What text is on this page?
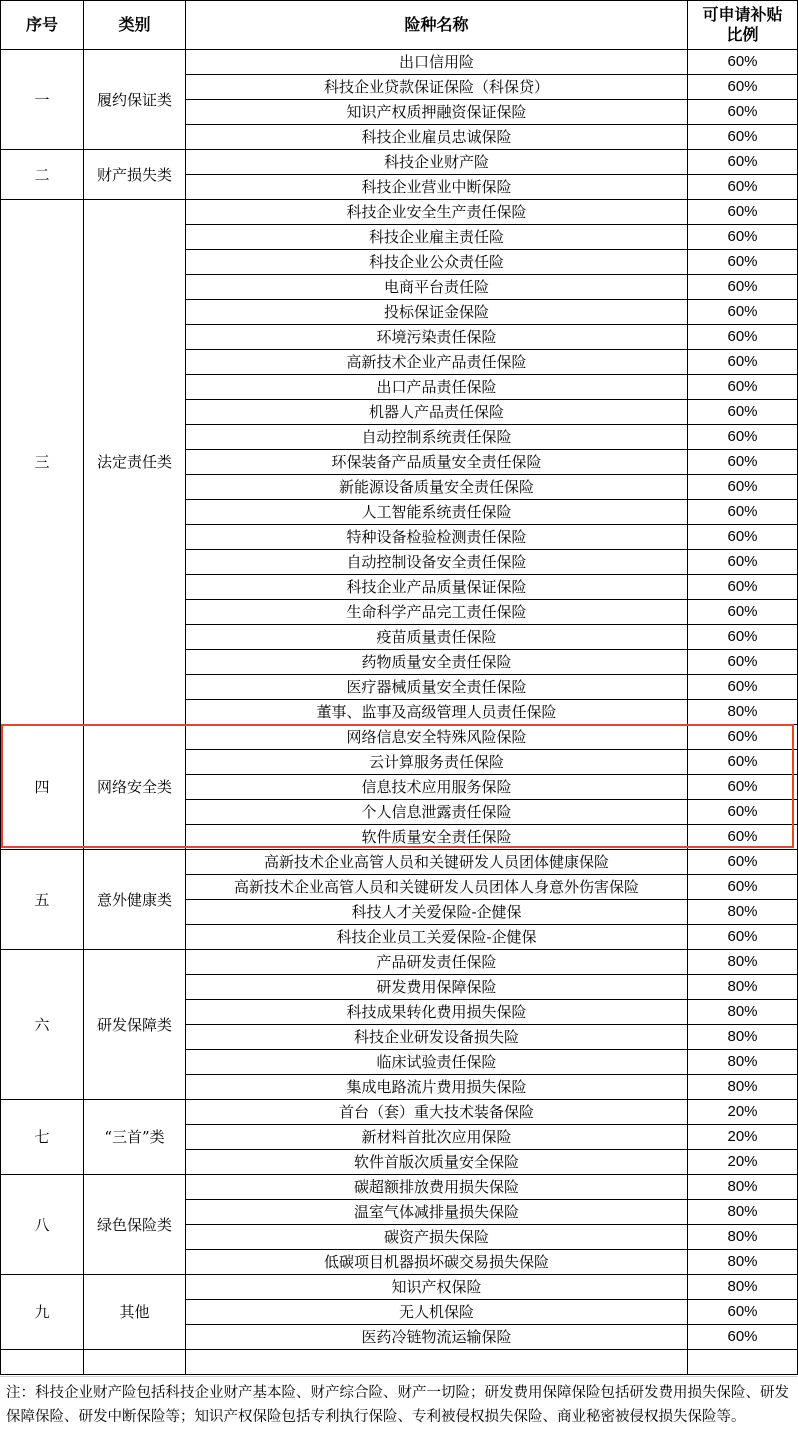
序号	类别	险种名称	可申请补贴
比例
一	履约保证类	出口信用险	60%
		科技企业贷款保证保险（科保贷）	60%
		知识产权质押融资保证保险	60%
		科技企业雇员忠诚保险	60%
二	财产损失类	科技企业财产险	60%
		科技企业营业中断保险	60%
三	法定责任类	科技企业安全生产责任保险	60%
		科技企业雇主责任险	60%
		科技企业公众责任险	60%
		电商平台责任险	60%
		投标保证金保险	60%
		环境污染责任保险	60%
		高新技术企业产品责任保险	60%
		出口产品责任保险	60%
		机器人产品责任保险	60%
		自动控制系统责任保险	60%
		环保装备产品质量安全责任保险	60%
		新能源设备质量安全责任保险	60%
		人工智能系统责任保险	60%
		特种设备检验检测责任保险	60%
		自动控制设备安全责任保险	60%
		科技企业产品质量保证保险	60%
		生命科学产品完工责任保险	60%
		疫苗质量责任保险	60%
		药物质量安全责任保险	60%
		医疗器械质量安全责任保险	60%
		董事、监事及高级管理人员责任保险	80%
四	网络安全类	网络信息安全特殊风险保险	60%
		云计算服务责任保险	60%
		信息技术应用服务保险	60%
		个人信息泄露责任保险	60%
		软件质量安全责任保险	60%
五	意外健康类	高新技术企业高管人员和关键研发人员团体健康保险	60%
		高新技术企业高管人员和关键研发人员团体人身意外伤害保险	60%
		科技人才关爱保险-企健保	80%
		科技企业员工关爱保险-企健保	60%
六	研发保障类	产品研发责任保险	80%
		研发费用保障保险	80%
		科技成果转化费用损失保险	80%
		科技企业研发设备损失险	80%
		临床试验责任保险	80%
		集成电路流片费用损失保险	80%
七	“三首”类	首台（套）重大技术装备保险	20%
		新材料首批次应用保险	20%
		软件首版次质量安全保险	20%
八	绿色保险类	碳超额排放费用损失保险	80%
		温室气体减排量损失保险	80%
		碳资产损失保险	80%
		低碳项目机器损坏碳交易损失保险	80%
九	其他	知识产权保险	80%
		无人机保险	60%
		医药冷链物流运输保险	60%

注：科技企业财产险包括科技企业财产基本险、财产综合险、财产一切险；研发费用保障保险包括研发费用损失保险、研发保障保险、研发中断保险等；知识产权保险包括专利执行保险、专利被侵权损失保险、商业秘密被侵权损失保险等。
